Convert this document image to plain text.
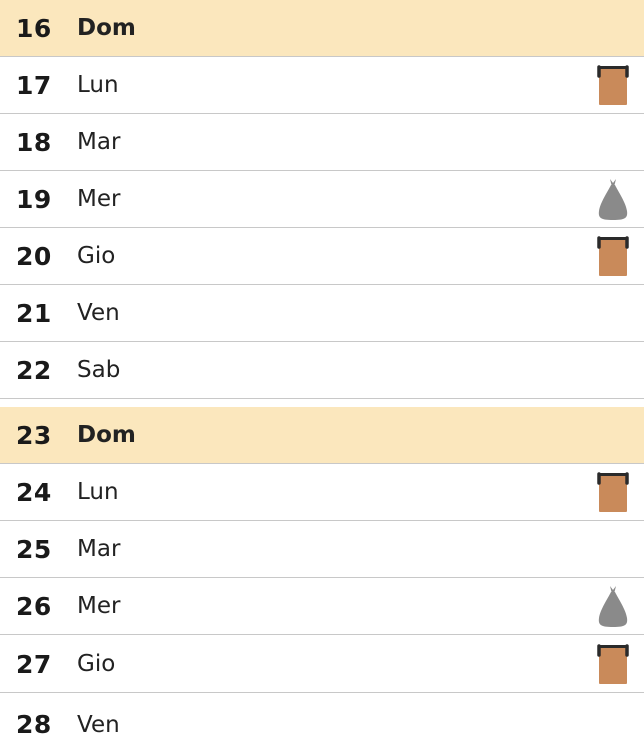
16 Dom
17 Lun
18 Mar
19 Mer
20 Gio
21 Ven
22 Sab
23 Dom
24 Lun
25 Mar
26 Mer
27 Gio
28 Ven
